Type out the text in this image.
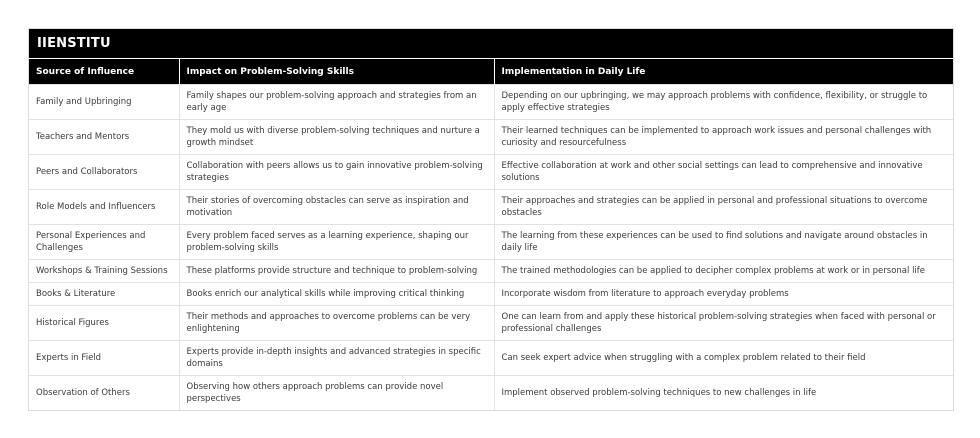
IIENSTITU
Source of Influence	Impact on Problem-Solving Skills	Implementation in Daily Life
Family and Upbringing	Family shapes our problem-solving approach and strategies from an early age	Depending on our upbringing, we may approach problems with confidence, flexibility, or struggle to apply effective strategies
Teachers and Mentors	They mold us with diverse problem-solving techniques and nurture a growth mindset	Their learned techniques can be implemented to approach work issues and personal challenges with curiosity and resourcefulness
Peers and Collaborators	Collaboration with peers allows us to gain innovative problem-solving strategies	Effective collaboration at work and other social settings can lead to comprehensive and innovative solutions
Role Models and Influencers	Their stories of overcoming obstacles can serve as inspiration and motivation	Their approaches and strategies can be applied in personal and professional situations to overcome obstacles
Personal Experiences and Challenges	Every problem faced serves as a learning experience, shaping our problem-solving skills	The learning from these experiences can be used to find solutions and navigate around obstacles in daily life
Workshops & Training Sessions	These platforms provide structure and technique to problem-solving	The trained methodologies can be applied to decipher complex problems at work or in personal life
Books & Literature	Books enrich our analytical skills while improving critical thinking	Incorporate wisdom from literature to approach everyday problems
Historical Figures	Their methods and approaches to overcome problems can be very enlightening	One can learn from and apply these historical problem-solving strategies when faced with personal or professional challenges
Experts in Field	Experts provide in-depth insights and advanced strategies in specific domains	Can seek expert advice when struggling with a complex problem related to their field
Observation of Others	Observing how others approach problems can provide novel perspectives	Implement observed problem-solving techniques to new challenges in life
